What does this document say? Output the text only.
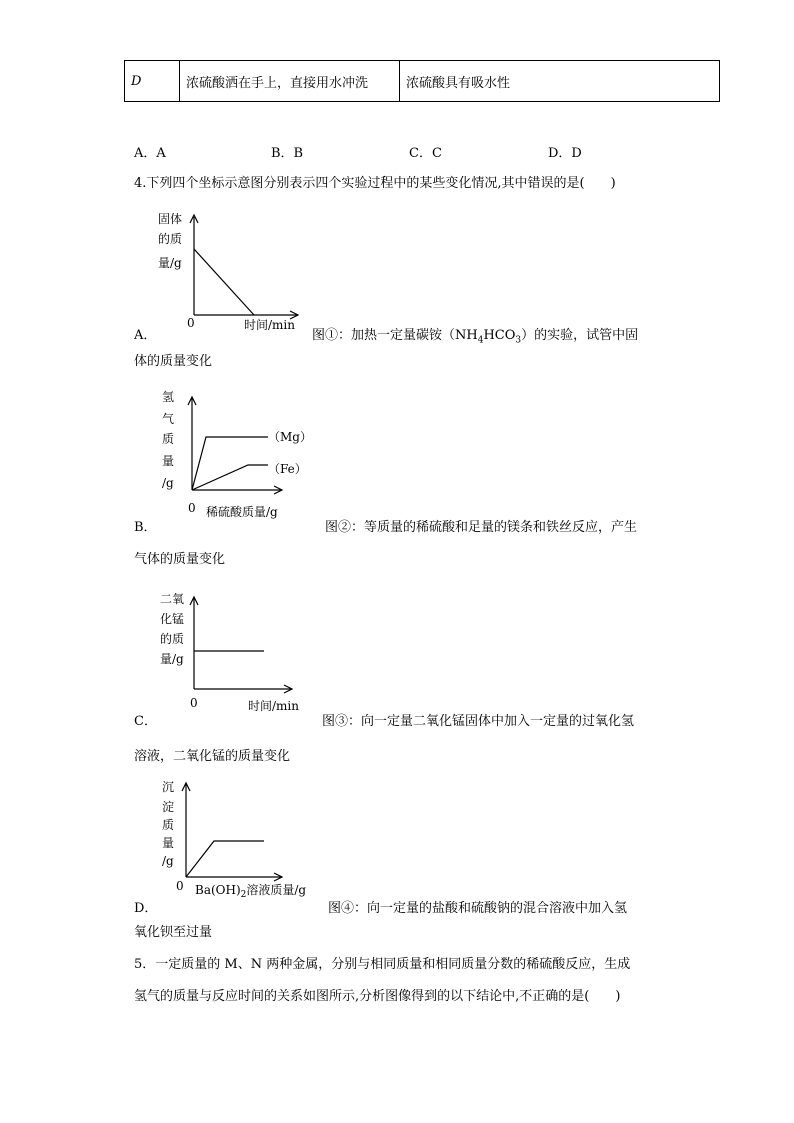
D	浓硫酸洒在手上，直接用水冲洗	浓硫酸具有吸水性
A．A	B．B	C．C	D．D
4.下列四个坐标示意图分别表示四个实验过程中的某些变化情况,其中错误的是(　　)
A．
固体
的质
量/g
0	时间/min
图①：加热一定量碳铵$(NH_4HCO_3)$的实验，试管中固
体的质量变化
B．
氢
气
质
量
/g
（Mg）
（Fe）
0 稀硫酸质量/g
图②：等质量的稀硫酸和足量的镁条和铁丝反应，产生
气体的质量变化
C．
二氧
化锰
的质
量/g
0	时间/min
图③：向一定量二氧化锰固体中加入一定量的过氧化氢
溶液，二氧化锰的质量变化
D．
沉
淀
质
量
/g
0 $Ba(OH)_2$溶液质量/g
图④：向一定量的盐酸和硫酸钠的混合溶液中加入氢
氧化钡至过量
5．一定质量的 M、N 两种金属，分别与相同质量和相同质量分数的稀硫酸反应，生成
氢气的质量与反应时间的关系如图所示,分析图像得到的以下结论中,不正确的是(　　)
